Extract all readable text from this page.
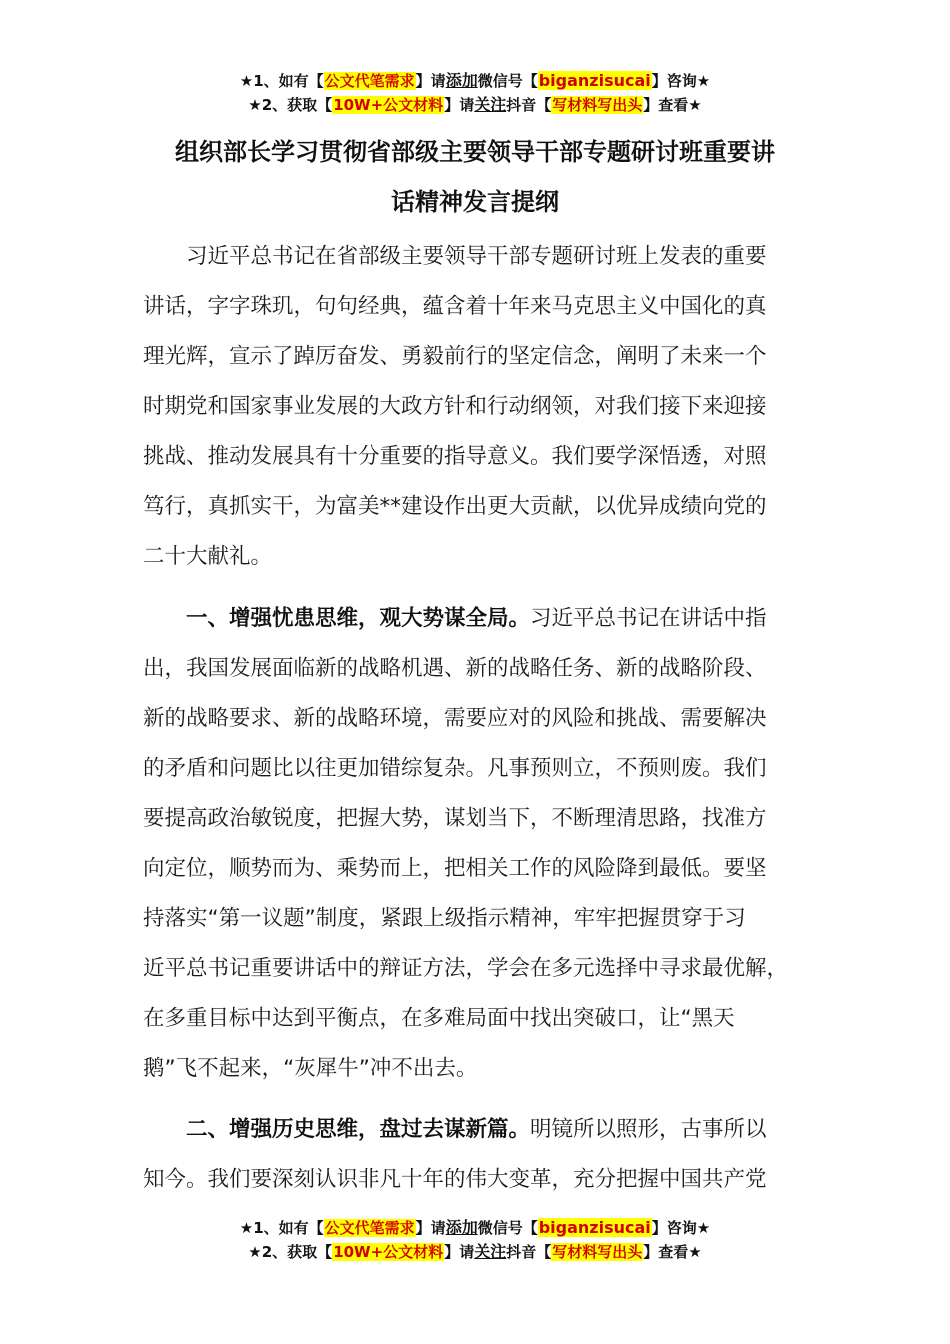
★1、如有【公文代笔需求】请添加微信号【biganzisucai】咨询★
★2、获取【10W+公文材料】请关注抖音【写材料写出头】查看★
组织部长学习贯彻省部级主要领导干部专题研讨班重要讲
话精神发言提纲
习近平总书记在省部级主要领导干部专题研讨班上发表的重要
讲话，字字珠玑，句句经典，蕴含着十年来马克思主义中国化的真
理光辉，宣示了踔厉奋发、勇毅前行的坚定信念，阐明了未来一个
时期党和国家事业发展的大政方针和行动纲领，对我们接下来迎接
挑战、推动发展具有十分重要的指导意义。我们要学深悟透，对照
笃行，真抓实干，为富美**建设作出更大贡献，以优异成绩向党的
二十大献礼。
一、增强忧患思维，观大势谋全局。习近平总书记在讲话中指
出，我国发展面临新的战略机遇、新的战略任务、新的战略阶段、
新的战略要求、新的战略环境，需要应对的风险和挑战、需要解决
的矛盾和问题比以往更加错综复杂。凡事预则立，不预则废。我们
要提高政治敏锐度，把握大势，谋划当下，不断理清思路，找准方
向定位，顺势而为、乘势而上，把相关工作的风险降到最低。要坚
持落实“第一议题”制度，紧跟上级指示精神，牢牢把握贯穿于习
近平总书记重要讲话中的辩证方法，学会在多元选择中寻求最优解，
在多重目标中达到平衡点，在多难局面中找出突破口，让“黑天
鹅”飞不起来，“灰犀牛”冲不出去。
二、增强历史思维，盘过去谋新篇。明镜所以照形，古事所以
知今。我们要深刻认识非凡十年的伟大变革，充分把握中国共产党
★1、如有【公文代笔需求】请添加微信号【biganzisucai】咨询★
★2、获取【10W+公文材料】请关注抖音【写材料写出头】查看★
